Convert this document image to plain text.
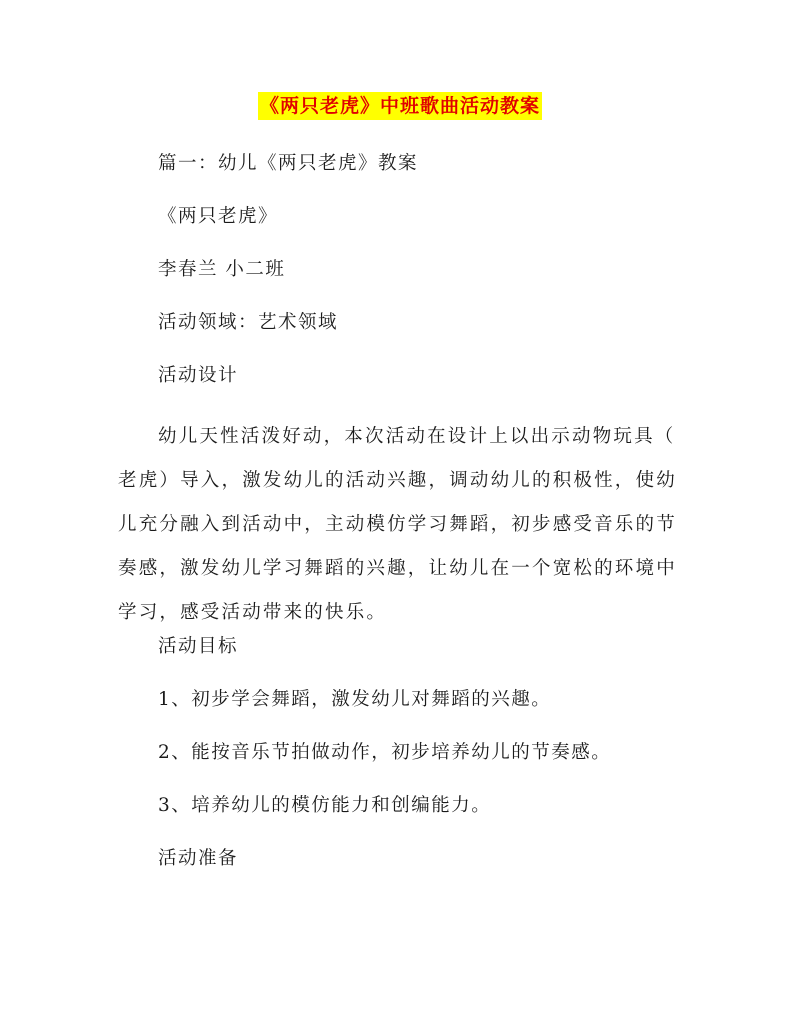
《两只老虎》中班歌曲活动教案

篇一：幼儿《两只老虎》教案

《两只老虎》

李春兰 小二班

活动领域：艺术领域

活动设计

幼儿天性活泼好动，本次活动在设计上以出示动物玩具（
老虎）导入，激发幼儿的活动兴趣，调动幼儿的积极性，使幼
儿充分融入到活动中，主动模仿学习舞蹈，初步感受音乐的节
奏感，激发幼儿学习舞蹈的兴趣，让幼儿在一个宽松的环境中
学习，感受活动带来的快乐。

活动目标

1、初步学会舞蹈，激发幼儿对舞蹈的兴趣。

2、能按音乐节拍做动作，初步培养幼儿的节奏感。

3、培养幼儿的模仿能力和创编能力。

活动准备
